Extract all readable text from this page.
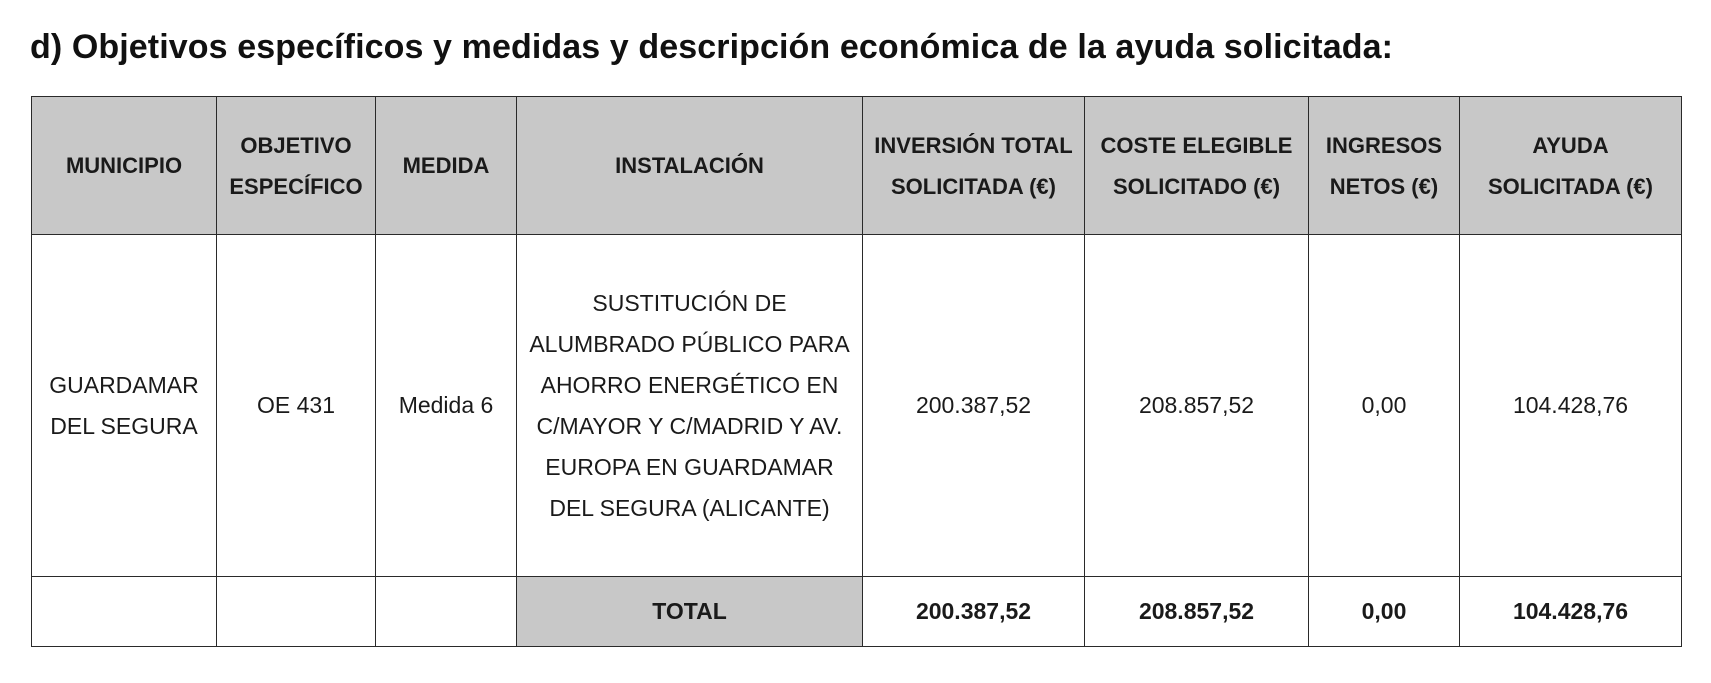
d) Objetivos específicos y medidas y descripción económica de la ayuda solicitada:
MUNICIPIO	OBJETIVO ESPECÍFICO	MEDIDA	INSTALACIÓN	INVERSIÓN TOTAL SOLICITADA (€)	COSTE ELEGIBLE SOLICITADO (€)	INGRESOS NETOS (€)	AYUDA SOLICITADA (€)
GUARDAMAR DEL SEGURA	OE 431	Medida 6	SUSTITUCIÓN DE ALUMBRADO PÚBLICO PARA AHORRO ENERGÉTICO EN C/MAYOR Y C/MADRID Y AV. EUROPA EN GUARDAMAR DEL SEGURA (ALICANTE)	200.387,52	208.857,52	0,00	104.428,76
			TOTAL	200.387,52	208.857,52	0,00	104.428,76
